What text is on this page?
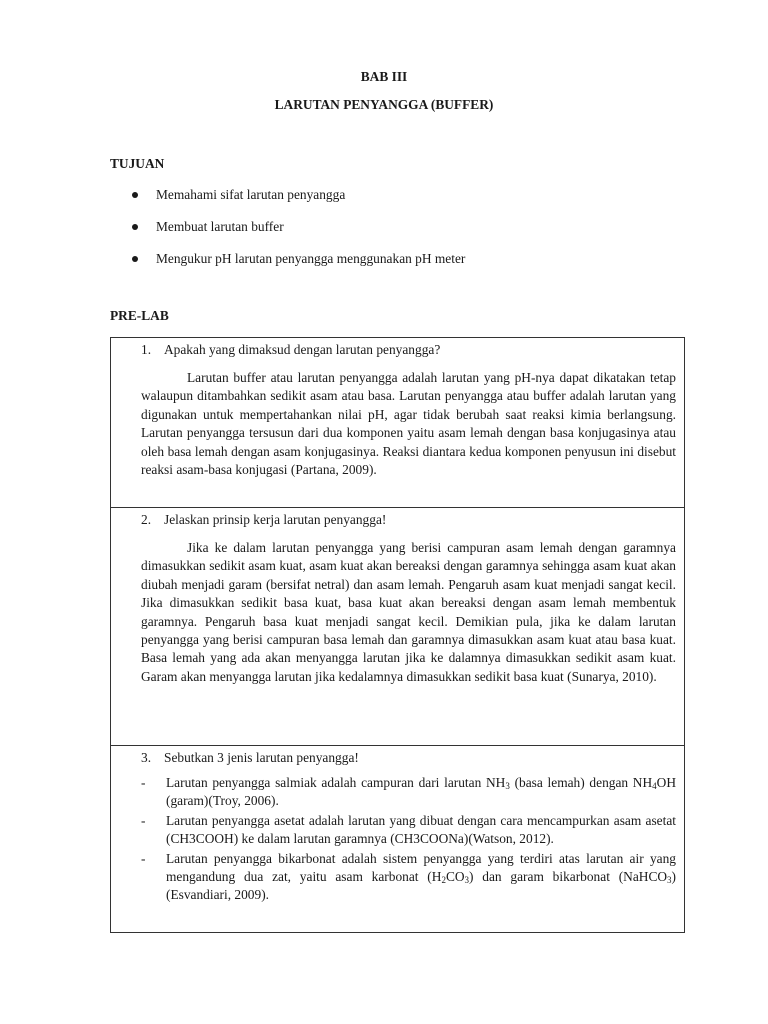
BAB III
LARUTAN PENYANGGA (BUFFER)
TUJUAN
Memahami sifat larutan penyangga
Membuat larutan buffer
Mengukur pH larutan penyangga menggunakan pH meter
PRE-LAB
1. Apakah yang dimaksud dengan larutan penyangga?
Larutan buffer atau larutan penyangga adalah larutan yang pH-nya dapat dikatakan tetap walaupun ditambahkan sedikit asam atau basa. Larutan penyangga atau buffer adalah larutan yang digunakan untuk mempertahankan nilai pH, agar tidak berubah saat reaksi kimia berlangsung. Larutan penyangga tersusun dari dua komponen yaitu asam lemah dengan basa konjugasinya atau oleh basa lemah dengan asam konjugasinya. Reaksi diantara kedua komponen penyusun ini disebut reaksi asam-basa konjugasi (Partana, 2009).
2. Jelaskan prinsip kerja larutan penyangga!
Jika ke dalam larutan penyangga yang berisi campuran asam lemah dengan garamnya dimasukkan sedikit asam kuat, asam kuat akan bereaksi dengan garamnya sehingga asam kuat akan diubah menjadi garam (bersifat netral) dan asam lemah. Pengaruh asam kuat menjadi sangat kecil. Jika dimasukkan sedikit basa kuat, basa kuat akan bereaksi dengan asam lemah membentuk garamnya. Pengaruh basa kuat menjadi sangat kecil. Demikian pula, jika ke dalam larutan penyangga yang berisi campuran basa lemah dan garamnya dimasukkan asam kuat atau basa kuat. Basa lemah yang ada akan menyangga larutan jika ke dalamnya dimasukkan sedikit asam kuat. Garam akan menyangga larutan jika kedalamnya dimasukkan sedikit basa kuat (Sunarya, 2010).
3. Sebutkan 3 jenis larutan penyangga!
- Larutan penyangga salmiak adalah campuran dari larutan $NH_3$ (basa lemah) dengan $NH_4OH$ (garam)(Troy, 2006).
- Larutan penyangga asetat adalah larutan yang dibuat dengan cara mencampurkan asam asetat (CH3COOH) ke dalam larutan garamnya (CH3COONa)(Watson, 2012).
- Larutan penyangga bikarbonat adalah sistem penyangga yang terdiri atas larutan air yang mengandung dua zat, yaitu asam karbonat $(H_2CO_3)$ dan garam bikarbonat (NaHCO$_3$) (Esvandiari, 2009).
